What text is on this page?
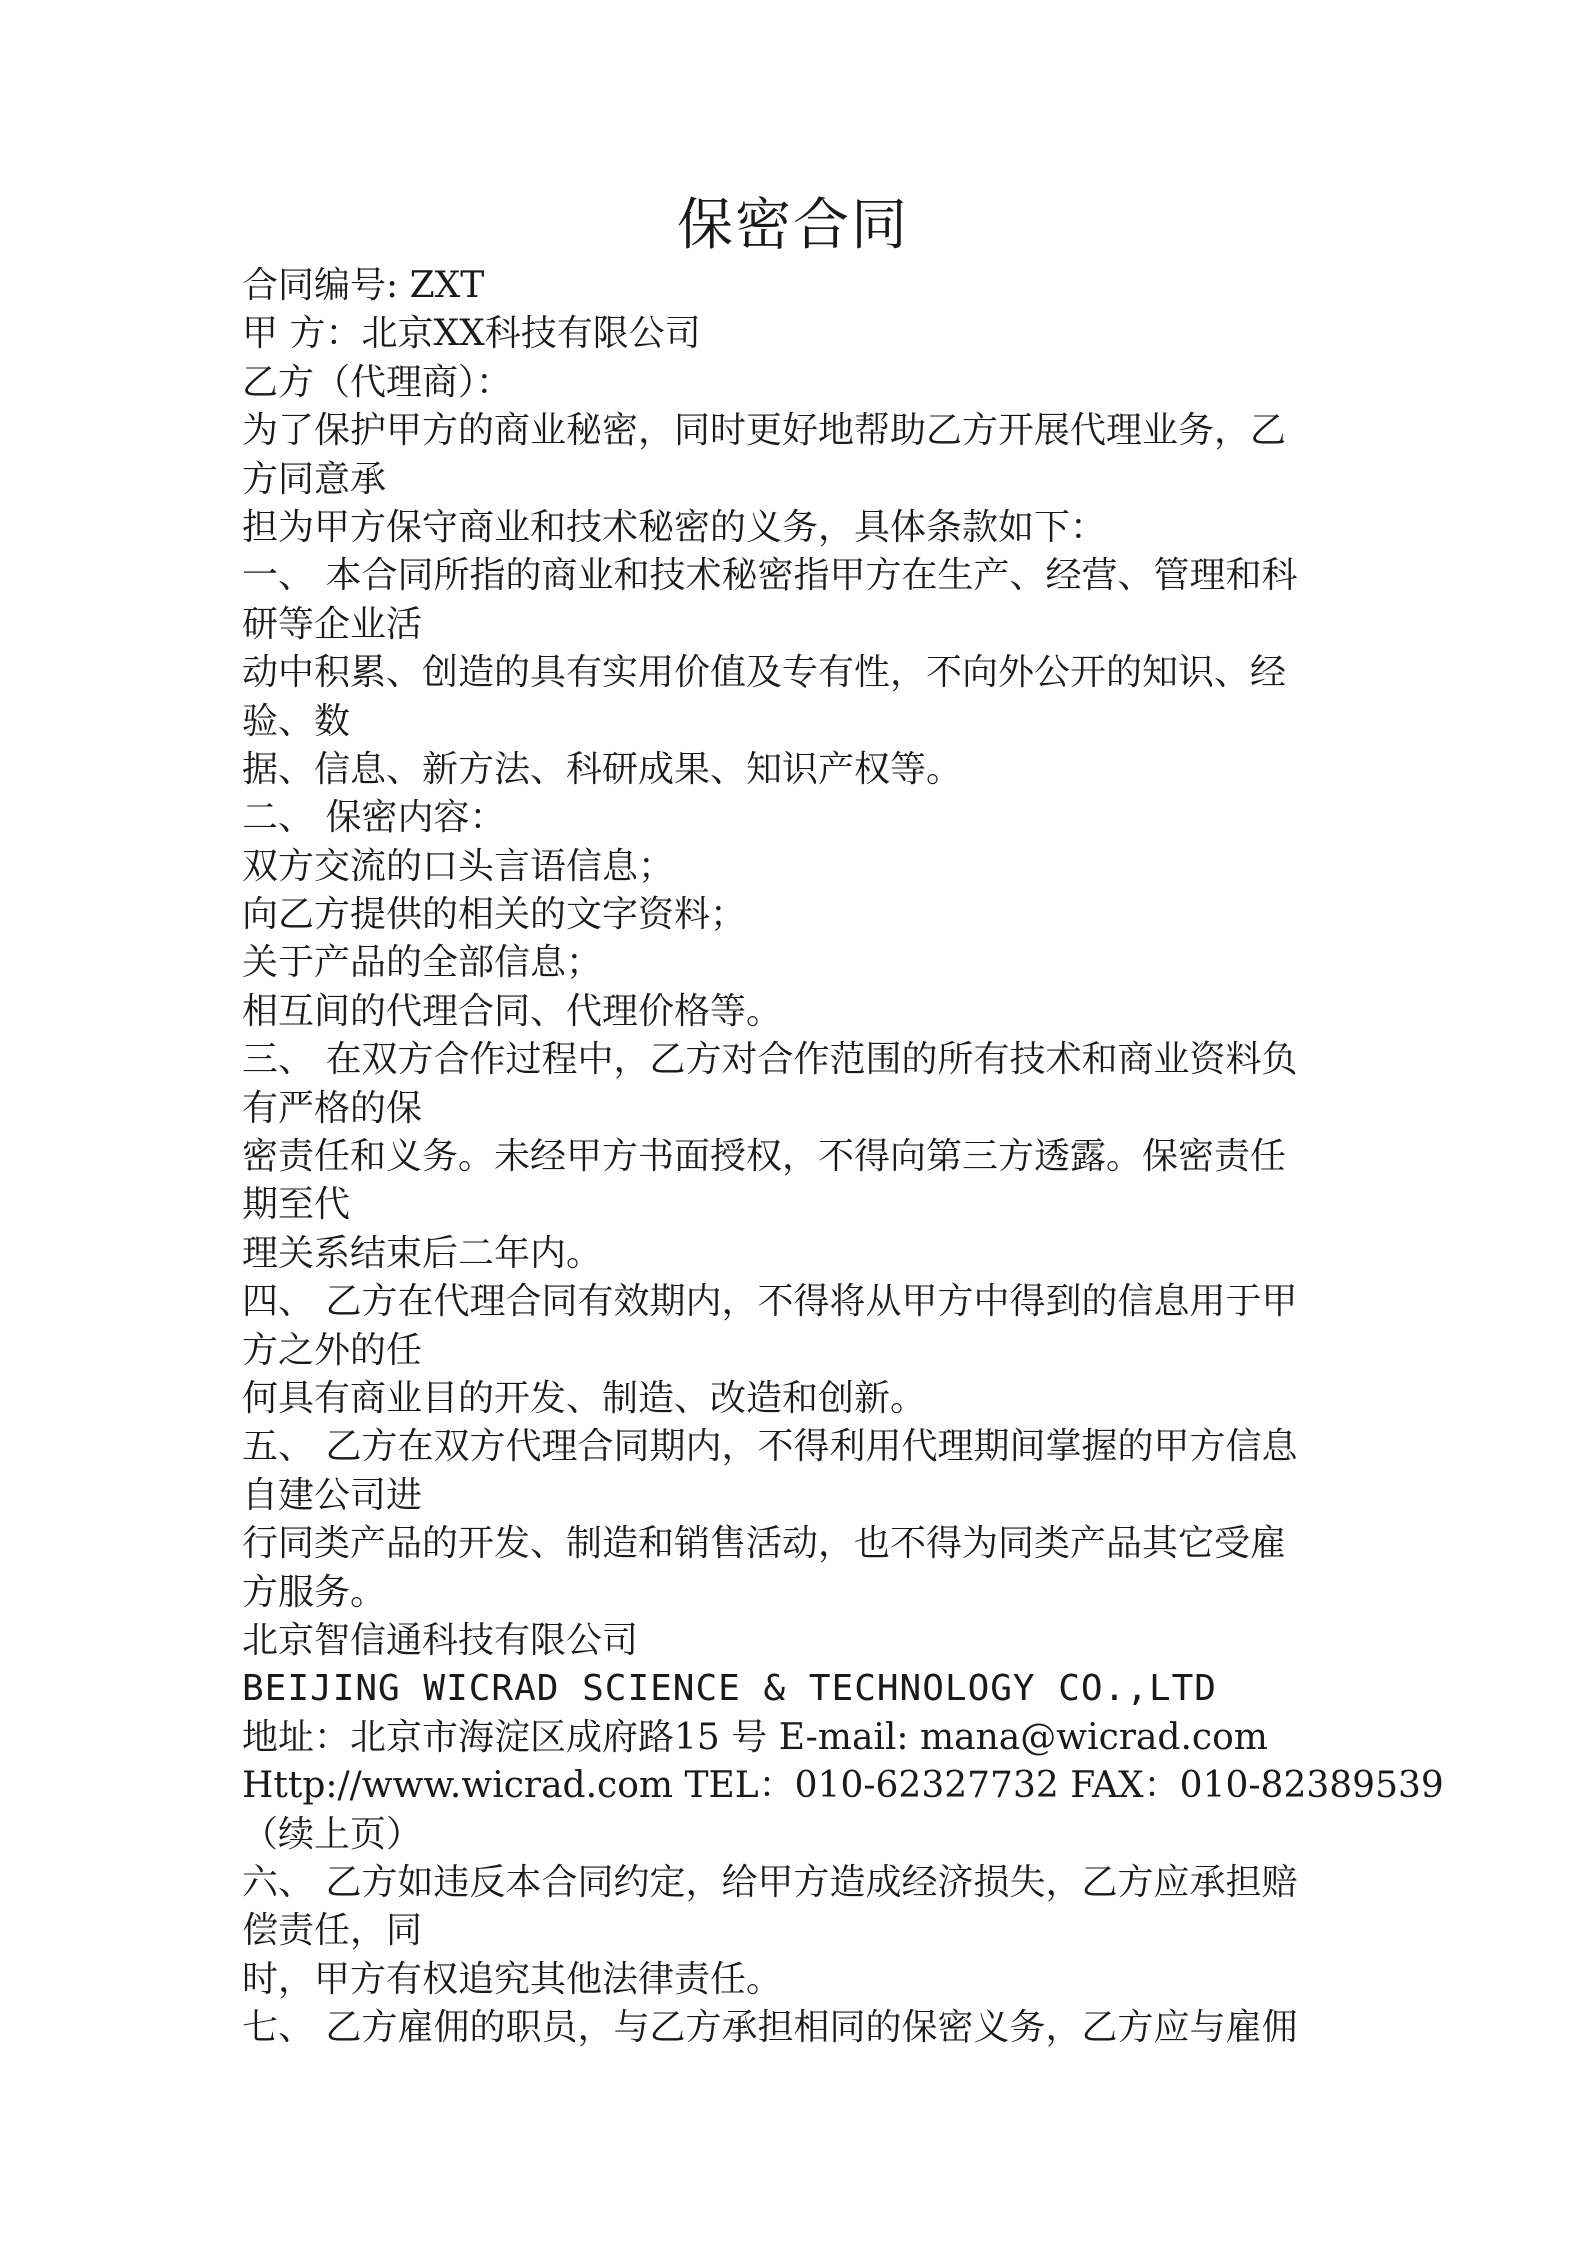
保密合同
合同编号: ZXT
甲 方：北京XX科技有限公司
乙方（代理商）：
为了保护甲方的商业秘密，同时更好地帮助乙方开展代理业务，乙
方同意承
担为甲方保守商业和技术秘密的义务，具体条款如下：
一、 本合同所指的商业和技术秘密指甲方在生产、经营、管理和科
研等企业活
动中积累、创造的具有实用价值及专有性，不向外公开的知识、经
验、数
据、信息、新方法、科研成果、知识产权等。
二、 保密内容：
双方交流的口头言语信息；
向乙方提供的相关的文字资料；
关于产品的全部信息；
相互间的代理合同、代理价格等。
三、 在双方合作过程中，乙方对合作范围的所有技术和商业资料负
有严格的保
密责任和义务。未经甲方书面授权，不得向第三方透露。保密责任
期至代
理关系结束后二年内。
四、 乙方在代理合同有效期内，不得将从甲方中得到的信息用于甲
方之外的任
何具有商业目的开发、制造、改造和创新。
五、 乙方在双方代理合同期内，不得利用代理期间掌握的甲方信息
自建公司进
行同类产品的开发、制造和销售活动，也不得为同类产品其它受雇
方服务。
北京智信通科技有限公司
BEIJING WICRAD SCIENCE & TECHNOLOGY CO.,LTD
地址：北京市海淀区成府路15 号 E-mail: mana@wicrad.com
Http://www.wicrad.com TEL：010-62327732 FAX：010-82389539
（续上页）
六、 乙方如违反本合同约定，给甲方造成经济损失，乙方应承担赔
偿责任，同
时，甲方有权追究其他法律责任。
七、 乙方雇佣的职员，与乙方承担相同的保密义务，乙方应与雇佣
